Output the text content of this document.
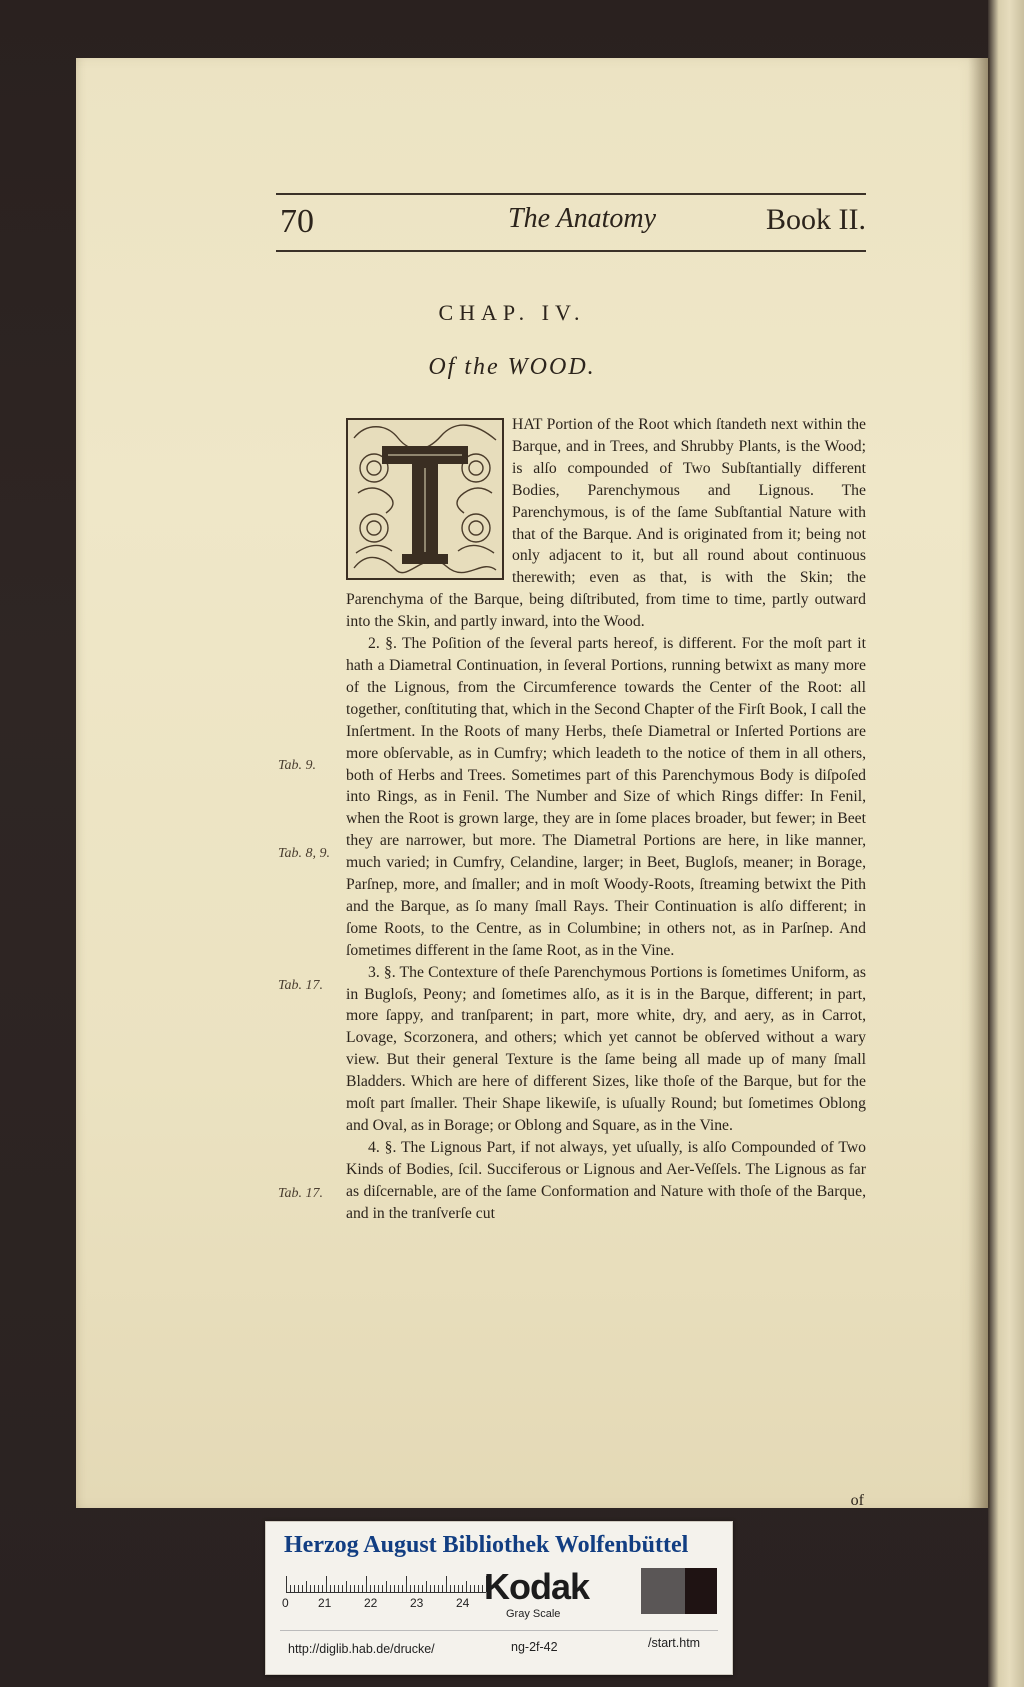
70	The Anatomy	Book II.
CHAP. IV.
Of the WOOD.

HAT Portion of the Root which ſtandeth next within the Barque, and in Trees, and Shrubby Plants, is the Wood; is alſo compounded of Two Subſtantially different Bodies, Parenchymous and Lignous. The Parenchymous, is of the ſame Subſtantial Nature with that of the Barque. And is originated from it; being not only adjacent to it, but all round about continuous therewith; even as that, is with the Skin; the Parenchyma of the Barque, being diſtributed, from time to time, partly outward into the Skin, and partly inward, into the Wood.

2. §. The Poſition of the ſeveral parts hereof, is different. For the moſt part it hath a Diametral Continuation, in ſeveral Portions, running betwixt as many more of the Lignous, from the Circumference towards the Center of the Root: all together, conſtituting that, which in the Second Chapter of the Firſt Book, I call the Inſertment. In the Roots of many Herbs, theſe Diametral or Inſerted Portions are more obſervable, as in Cumfry; which leadeth to the notice of them in all others, both of Herbs and Trees. Sometimes part of this Parenchymous Body is diſpoſed into Rings, as in Fenil. The Number and Size of which Rings differ: In Fenil, when the Root is grown large, they are in ſome places broader, but fewer; in Beet they are narrower, but more. The Diametral Portions are here, in like manner, much varied; in Cumfry, Celandine, larger; in Beet, Bugloſs, meaner; in Borage, Parſnep, more, and ſmaller; and in moſt Woody-Roots, ſtreaming betwixt the Pith and the Barque, as ſo many ſmall Rays. Their Continuation is alſo different; in ſome Roots, to the Centre, as in Columbine; in others not, as in Parſnep. And ſometimes different in the ſame Root, as in the Vine.

3. §. The Contexture of theſe Parenchymous Portions is ſometimes Uniform, as in Bugloſs, Peony; and ſometimes alſo, as it is in the Barque, different; in part, more ſappy, and tranſparent; in part, more white, dry, and aery, as in Carrot, Lovage, Scorzonera, and others; which yet cannot be obſerved without a wary view. But their general Texture is the ſame being all made up of many ſmall Bladders. Which are here of different Sizes, like thoſe of the Barque, but for the moſt part ſmaller. Their Shape likewiſe, is uſually Round; but ſometimes Oblong and Oval, as in Borage; or Oblong and Square, as in the Vine.

4. §. The Lignous Part, if not always, yet uſually, is alſo Compounded of Two Kinds of Bodies, ſcil. Succiferous or Lignous and Aer-Veſſels. The Lignous as far as diſcernable, are of the ſame Conformation and Nature with thoſe of the Barque, and in the tranſverſe cut

of
Tab. 9.
Tab. 8, 9.
Tab. 17.
Tab. 17.
Herzog August Bibliothek Wolfenbüttel
0 21	22	23	24 Kodak
Gray Scale
http://diglib.hab.de/drucke/	ng-2f-42	/start.htm
